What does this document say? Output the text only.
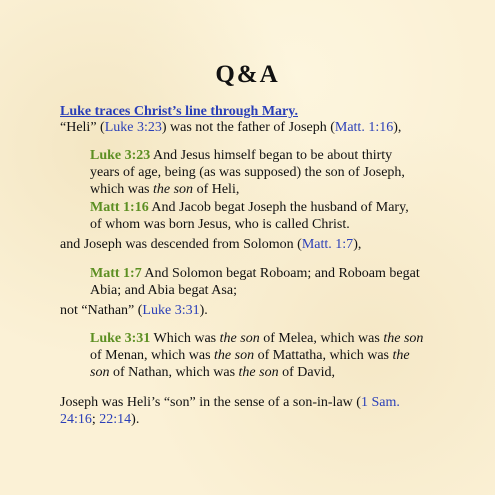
Q&A
Luke traces Christ’s line through Mary.
“Heli” (Luke 3:23) was not the father of Joseph (Matt. 1:16),
Luke 3:23 And Jesus himself began to be about thirty
years of age, being (as was supposed) the son of Joseph,
which was the son of Heli,
Matt 1:16 And Jacob begat Joseph the husband of Mary,
of whom was born Jesus, who is called Christ.
and Joseph was descended from Solomon (Matt. 1:7),
Matt 1:7 And Solomon begat Roboam; and Roboam begat
Abia; and Abia begat Asa;
not “Nathan” (Luke 3:31).
Luke 3:31 Which was the son of Melea, which was the son
of Menan, which was the son of Mattatha, which was the
son of Nathan, which was the son of David,
Joseph was Heli’s “son” in the sense of a son-in-law (1 Sam.
24:16; 22:14).
